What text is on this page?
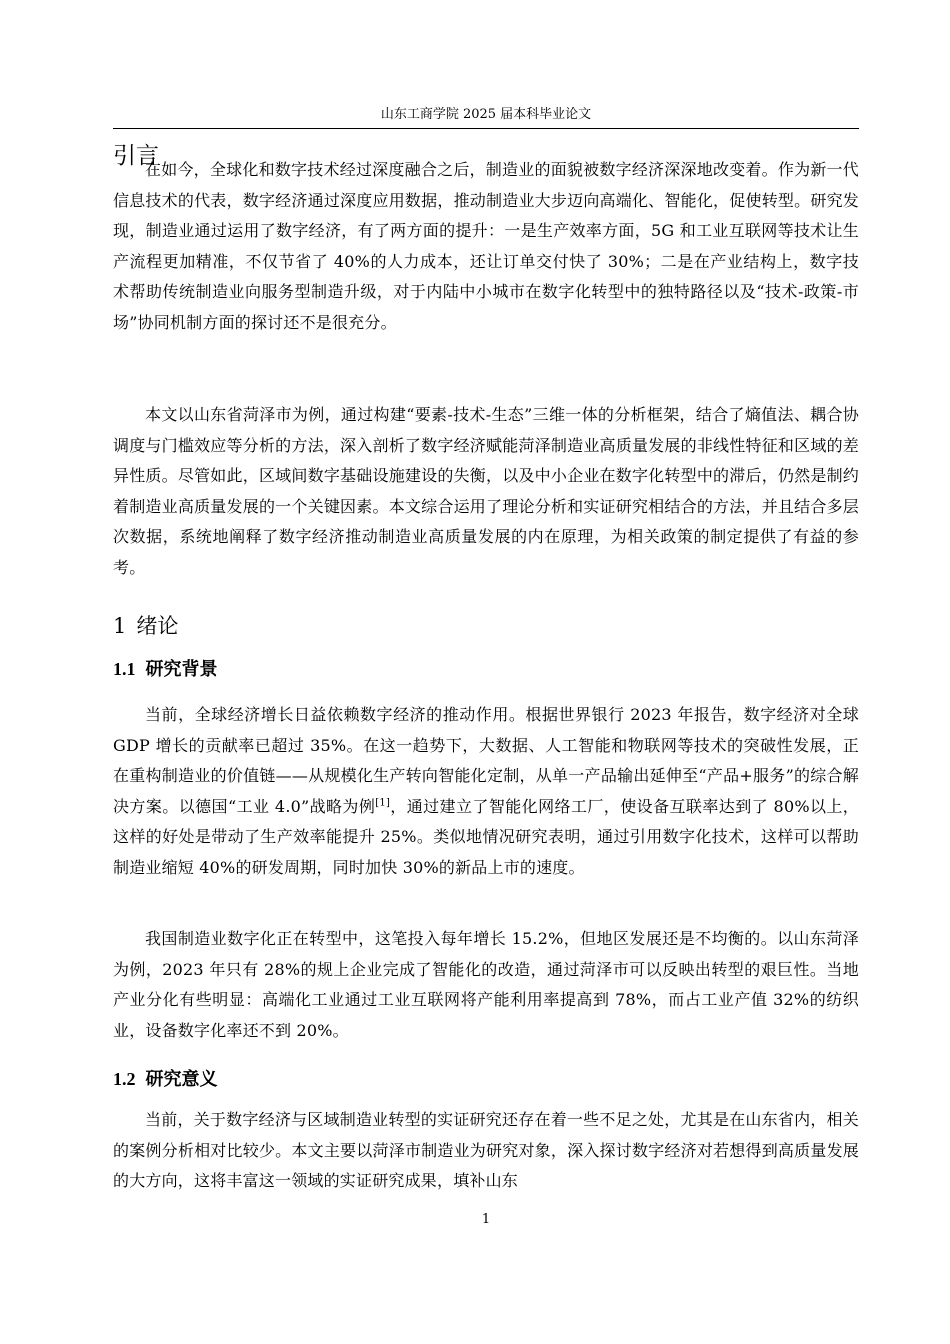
山东工商学院 2025 届本科毕业论文
引言

在如今，全球化和数字技术经过深度融合之后，制造业的面貌被数字经济深深地改变着。作为新一代信息技术的代表，数字经济通过深度应用数据，推动制造业大步迈向高端化、智能化，促使转型。研究发现，制造业通过运用了数字经济，有了两方面的提升：一是生产效率方面，5G 和工业互联网等技术让生产流程更加精准，不仅节省了 40%的人力成本，还让订单交付快了 30%；二是在产业结构上，数字技术帮助传统制造业向服务型制造升级，对于内陆中小城市在数字化转型中的独特路径以及“技术-政策-市场”协同机制方面的探讨还不是很充分。

本文以山东省菏泽市为例，通过构建“要素-技术-生态”三维一体的分析框架，结合了熵值法、耦合协调度与门槛效应等分析的方法，深入剖析了数字经济赋能菏泽制造业高质量发展的非线性特征和区域的差异性质。尽管如此，区域间数字基础设施建设的失衡，以及中小企业在数字化转型中的滞后，仍然是制约着制造业高质量发展的一个关键因素。本文综合运用了理论分析和实证研究相结合的方法，并且结合多层次数据，系统地阐释了数字经济推动制造业高质量发展的内在原理，为相关政策的制定提供了有益的参考。

1 绪论
1.1 研究背景

当前，全球经济增长日益依赖数字经济的推动作用。根据世界银行 2023 年报告，数字经济对全球 GDP 增长的贡献率已超过 35%。在这一趋势下，大数据、人工智能和物联网等技术的突破性发展，正在重构制造业的价值链——从规模化生产转向智能化定制，从单一产品输出延伸至“产品+服务”的综合解决方案。以德国“工业 4.0”战略为例[1]，通过建立了智能化网络工厂，使设备互联率达到了 80%以上，这样的好处是带动了生产效率能提升 25%。类似地情况研究表明，通过引用数字化技术，这样可以帮助制造业缩短 40%的研发周期，同时加快 30%的新品上市的速度。

我国制造业数字化正在转型中，这笔投入每年增长 15.2%，但地区发展还是不均衡的。以山东菏泽为例，2023 年只有 28%的规上企业完成了智能化的改造，通过菏泽市可以反映出转型的艰巨性。当地产业分化有些明显：高端化工业通过工业互联网将产能利用率提高到 78%，而占工业产值 32%的纺织业，设备数字化率还不到 20%。

1.2 研究意义

当前，关于数字经济与区域制造业转型的实证研究还存在着一些不足之处，尤其是在山东省内，相关的案例分析相对比较少。本文主要以菏泽市制造业为研究对象，深入探讨数字经济对若想得到高质量发展的大方向，这将丰富这一领域的实证研究成果，填补山东

1
